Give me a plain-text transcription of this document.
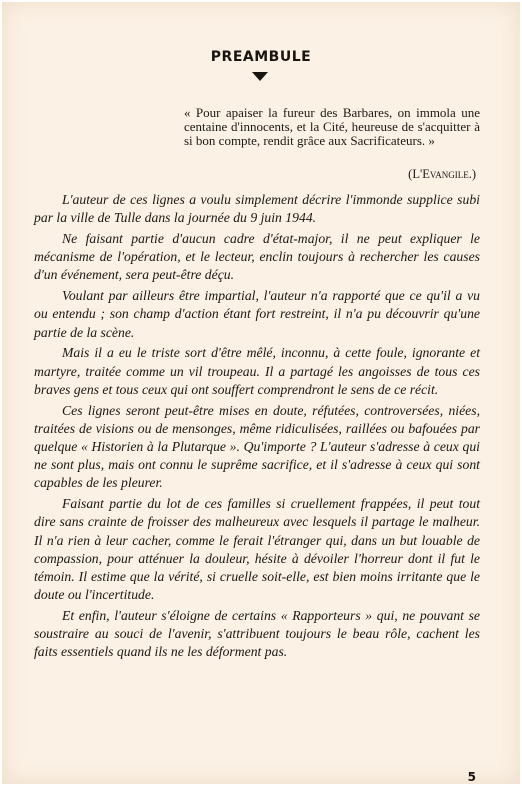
PREAMBULE
« Pour apaiser la fureur des Barbares, on immola une centaine d'innocents, et la Cité, heureuse de s'acquitter à si bon compte, rendit grâce aux Sacrificateurs. »
(L'Evangile.)

L'auteur de ces lignes a voulu simplement décrire l'immonde supplice subi par la ville de Tulle dans la journée du 9 juin 1944.

Ne faisant partie d'aucun cadre d'état-major, il ne peut expliquer le mécanisme de l'opération, et le lecteur, enclin toujours à rechercher les causes d'un événement, sera peut-être déçu.

Voulant par ailleurs être impartial, l'auteur n'a rapporté que ce qu'il a vu ou entendu ; son champ d'action étant fort restreint, il n'a pu découvrir qu'une partie de la scène.

Mais il a eu le triste sort d'être mêlé, inconnu, à cette foule, ignorante et martyre, traitée comme un vil troupeau. Il a partagé les angoisses de tous ces braves gens et tous ceux qui ont souffert comprendront le sens de ce récit.

Ces lignes seront peut-être mises en doute, réfutées, controversées, niées, traitées de visions ou de mensonges, même ridiculisées, raillées ou bafouées par quelque « Historien à la Plutarque ». Qu'importe ? L'auteur s'adresse à ceux qui ne sont plus, mais ont connu le suprême sacrifice, et il s'adresse à ceux qui sont capables de les pleurer.

Faisant partie du lot de ces familles si cruellement frappées, il peut tout dire sans crainte de froisser des malheureux avec lesquels il partage le malheur. Il n'a rien à leur cacher, comme le ferait l'étranger qui, dans un but louable de compassion, pour atténuer la douleur, hésite à dévoiler l'horreur dont il fut le témoin. Il estime que la vérité, si cruelle soit-elle, est bien moins irritante que le doute ou l'incertitude.

Et enfin, l'auteur s'éloigne de certains « Rapporteurs » qui, ne pouvant se soustraire au souci de l'avenir, s'attribuent toujours le beau rôle, cachent les faits essentiels quand ils ne les déforment pas.

5
